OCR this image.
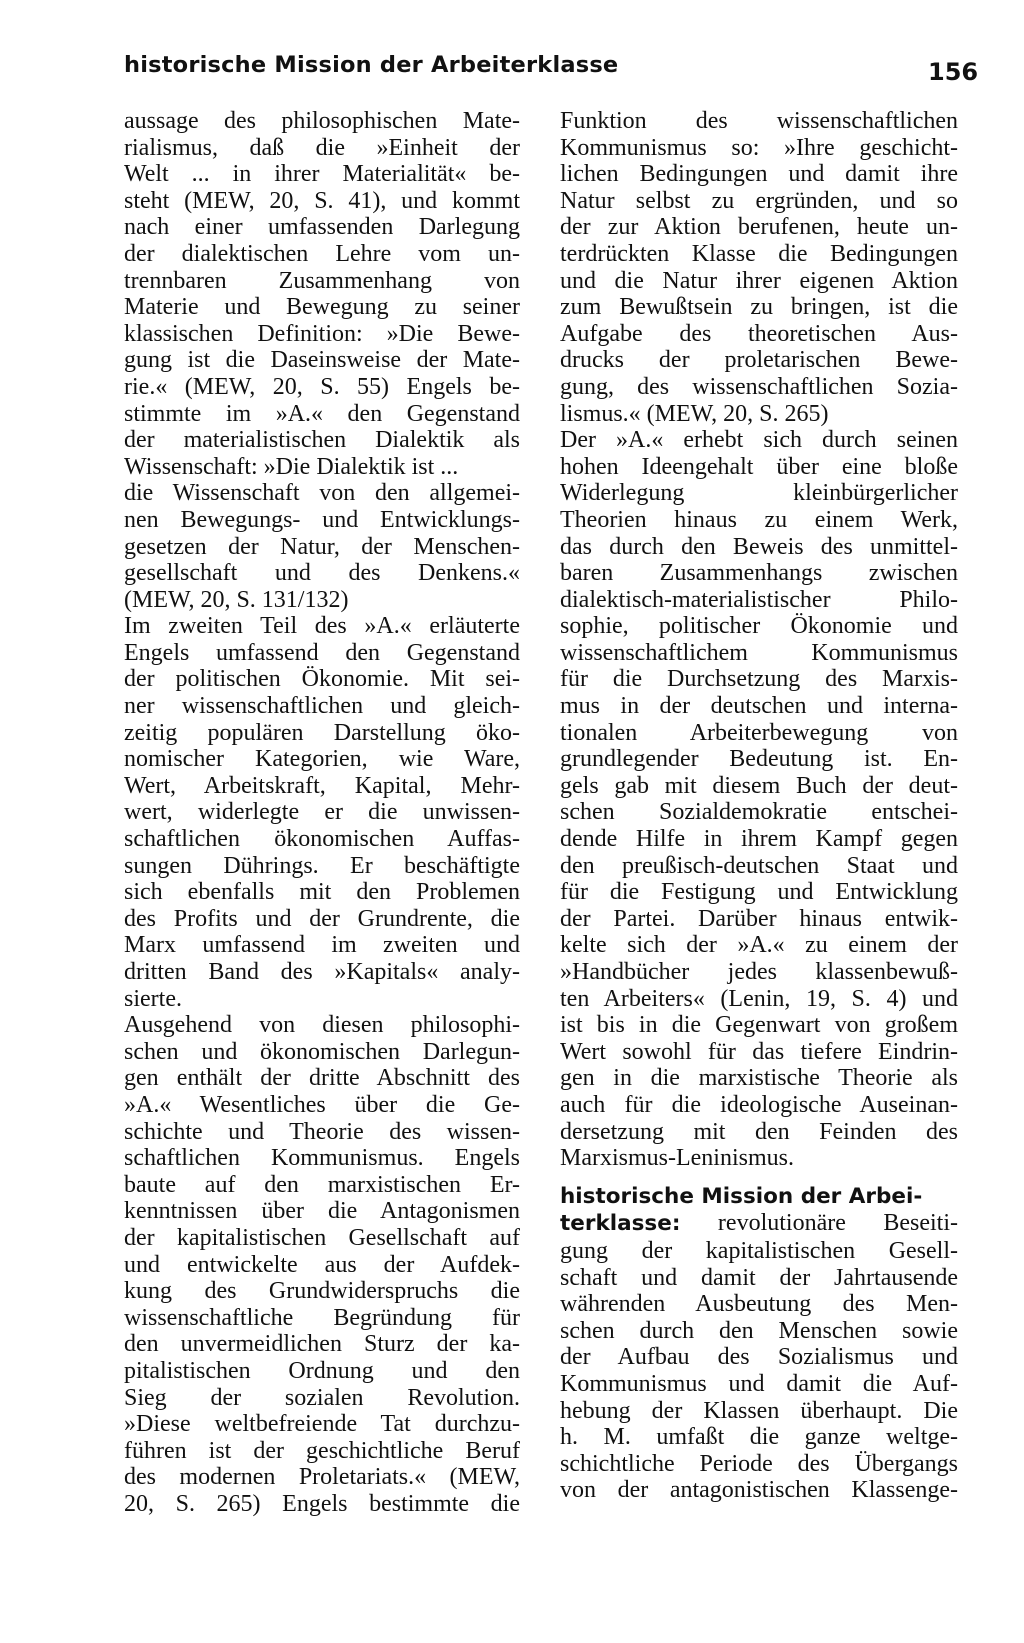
historische Mission der Arbeiterklasse	156
aussage des philosophischen Mate-
rialismus, daß die »Einheit der
Welt ... in ihrer Materialität« be-
steht (MEW, 20, S. 41), und kommt
nach einer umfassenden Darlegung
der dialektischen Lehre vom un-
trennbaren Zusammenhang von
Materie und Bewegung zu seiner
klassischen Definition: »Die Bewe-
gung ist die Daseinsweise der Mate-
rie.« (MEW, 20, S. 55) Engels be-
stimmte im »A.« den Gegenstand
der materialistischen Dialektik als
Wissenschaft: »Die Dialektik ist ...
die Wissenschaft von den allgemei-
nen Bewegungs- und Entwicklungs-
gesetzen der Natur, der Menschen-
gesellschaft und des Denkens.«
(MEW, 20, S. 131/132)
Im zweiten Teil des »A.« erläuterte
Engels umfassend den Gegenstand
der politischen Ökonomie. Mit sei-
ner wissenschaftlichen und gleich-
zeitig populären Darstellung öko-
nomischer Kategorien, wie Ware,
Wert, Arbeitskraft, Kapital, Mehr-
wert, widerlegte er die unwissen-
schaftlichen ökonomischen Auffas-
sungen Dührings. Er beschäftigte
sich ebenfalls mit den Problemen
des Profits und der Grundrente, die
Marx umfassend im zweiten und
dritten Band des »Kapitals« analy-
sierte.
Ausgehend von diesen philosophi-
schen und ökonomischen Darlegun-
gen enthält der dritte Abschnitt des
»A.« Wesentliches über die Ge-
schichte und Theorie des wissen-
schaftlichen Kommunismus. Engels
baute auf den marxistischen Er-
kenntnissen über die Antagonismen
der kapitalistischen Gesellschaft auf
und entwickelte aus der Aufdek-
kung des Grundwiderspruchs die
wissenschaftliche Begründung für
den unvermeidlichen Sturz der ka-
pitalistischen Ordnung und den
Sieg der sozialen Revolution.
»Diese weltbefreiende Tat durchzu-
führen ist der geschichtliche Beruf
des modernen Proletariats.« (MEW,
20, S. 265) Engels bestimmte die
Funktion des wissenschaftlichen
Kommunismus so: »Ihre geschicht-
lichen Bedingungen und damit ihre
Natur selbst zu ergründen, und so
der zur Aktion berufenen, heute un-
terdrückten Klasse die Bedingungen
und die Natur ihrer eigenen Aktion
zum Bewußtsein zu bringen, ist die
Aufgabe des theoretischen Aus-
drucks der proletarischen Bewe-
gung, des wissenschaftlichen Sozia-
lismus.« (MEW, 20, S. 265)
Der »A.« erhebt sich durch seinen
hohen Ideengehalt über eine bloße
Widerlegung kleinbürgerlicher
Theorien hinaus zu einem Werk,
das durch den Beweis des unmittel-
baren Zusammenhangs zwischen
dialektisch-materialistischer Philo-
sophie, politischer Ökonomie und
wissenschaftlichem Kommunismus
für die Durchsetzung des Marxis-
mus in der deutschen und interna-
tionalen Arbeiterbewegung von
grundlegender Bedeutung ist. En-
gels gab mit diesem Buch der deut-
schen Sozialdemokratie entschei-
dende Hilfe in ihrem Kampf gegen
den preußisch-deutschen Staat und
für die Festigung und Entwicklung
der Partei. Darüber hinaus entwik-
kelte sich der »A.« zu einem der
»Handbücher jedes klassenbewuß-
ten Arbeiters« (Lenin, 19, S. 4) und
ist bis in die Gegenwart von großem
Wert sowohl für das tiefere Eindrin-
gen in die marxistische Theorie als
auch für die ideologische Auseinan-
dersetzung mit den Feinden des
Marxismus-Leninismus.
historische Mission der Arbei-
terklasse: revolutionäre Beseiti-
gung der kapitalistischen Gesell-
schaft und damit der Jahrtausende
währenden Ausbeutung des Men-
schen durch den Menschen sowie
der Aufbau des Sozialismus und
Kommunismus und damit die Auf-
hebung der Klassen überhaupt. Die
h. M. umfaßt die ganze weltge-
schichtliche Periode des Übergangs
von der antagonistischen Klassenge-
